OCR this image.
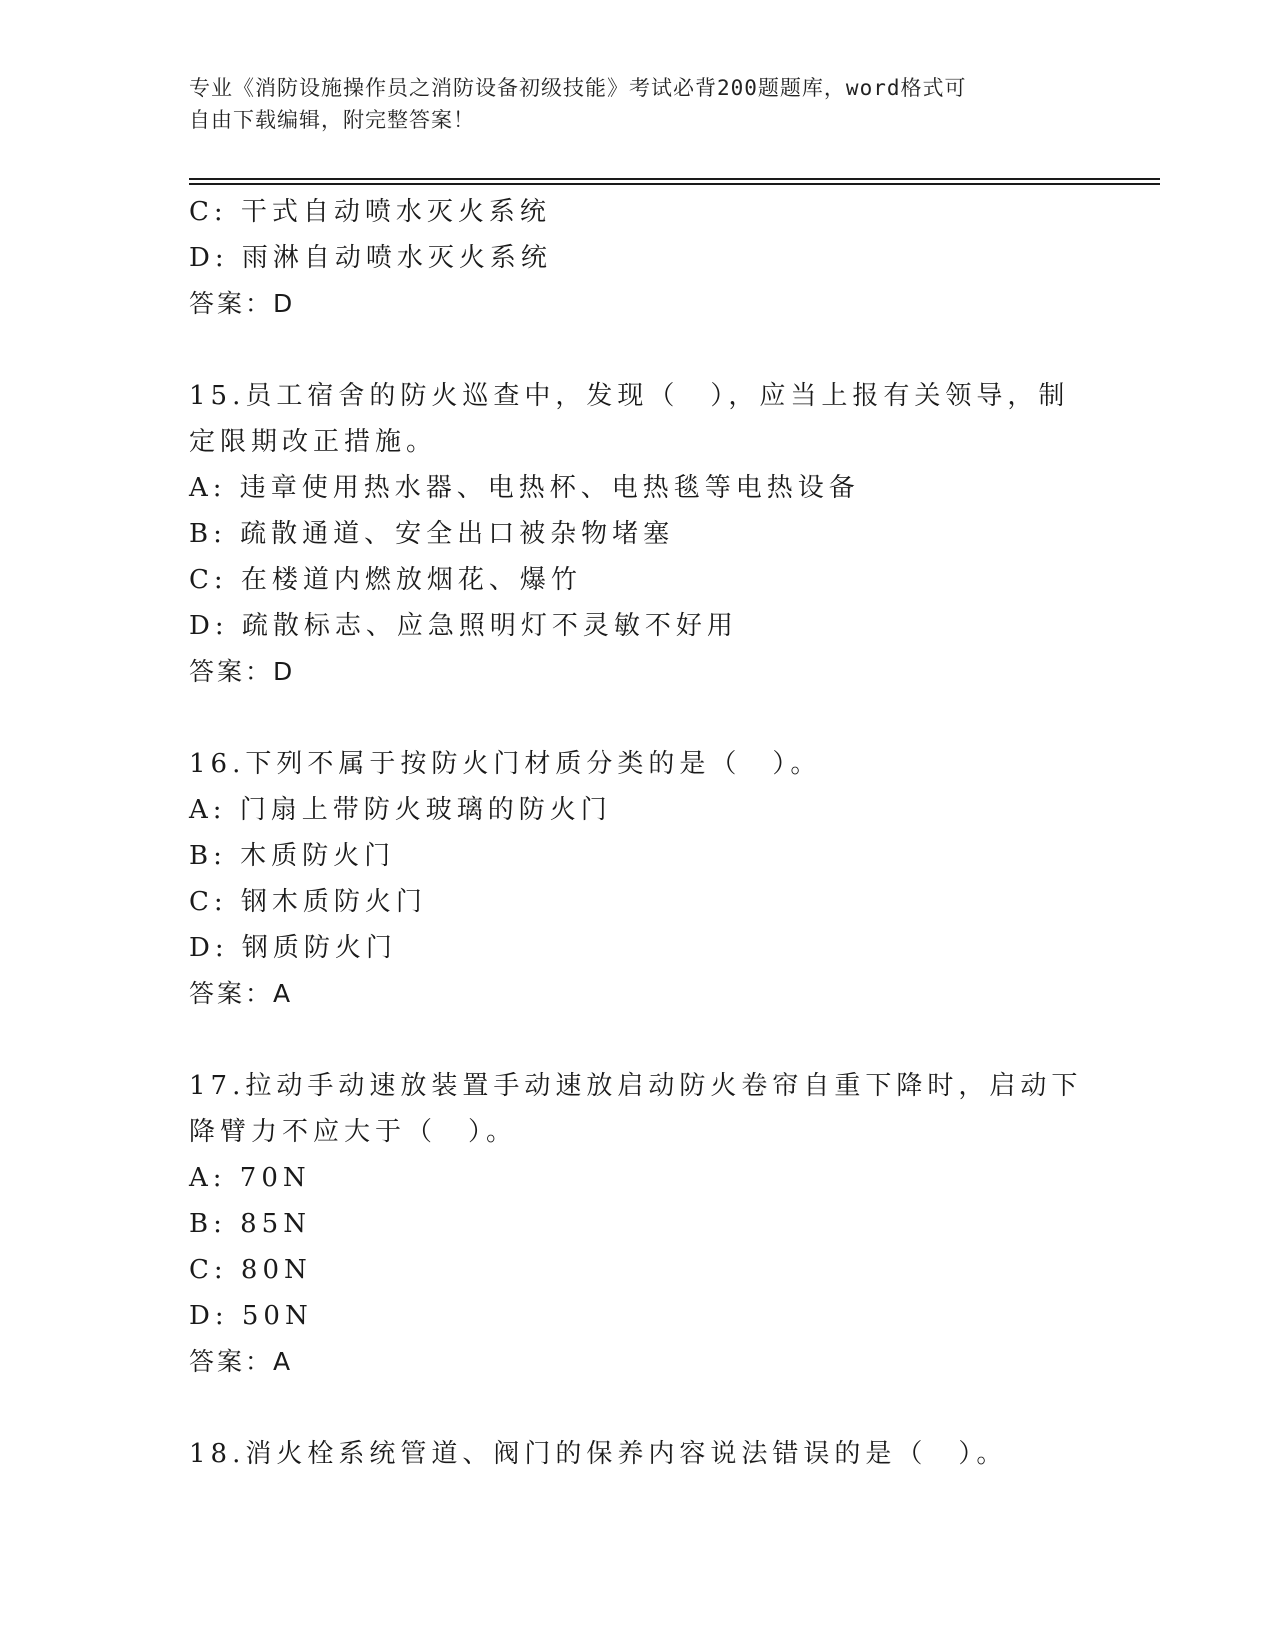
专业《消防设施操作员之消防设备初级技能》考试必背200题题库，word格式可
自由下载编辑，附完整答案！
C: 干式自动喷水灭火系统
D: 雨淋自动喷水灭火系统
答案：D
15.员工宿舍的防火巡查中，发现（　），应当上报有关领导，制定限期改正措施。
A: 违章使用热水器、电热杯、电热毯等电热设备
B: 疏散通道、安全出口被杂物堵塞
C: 在楼道内燃放烟花、爆竹
D: 疏散标志、应急照明灯不灵敏不好用
答案：D
16.下列不属于按防火门材质分类的是（　）。
A: 门扇上带防火玻璃的防火门
B: 木质防火门
C: 钢木质防火门
D: 钢质防火门
答案：A
17.拉动手动速放装置手动速放启动防火卷帘自重下降时，启动下降臂力不应大于（　）。
A: 70N
B: 85N
C: 80N
D: 50N
答案：A
18.消火栓系统管道、阀门的保养内容说法错误的是（　）。
